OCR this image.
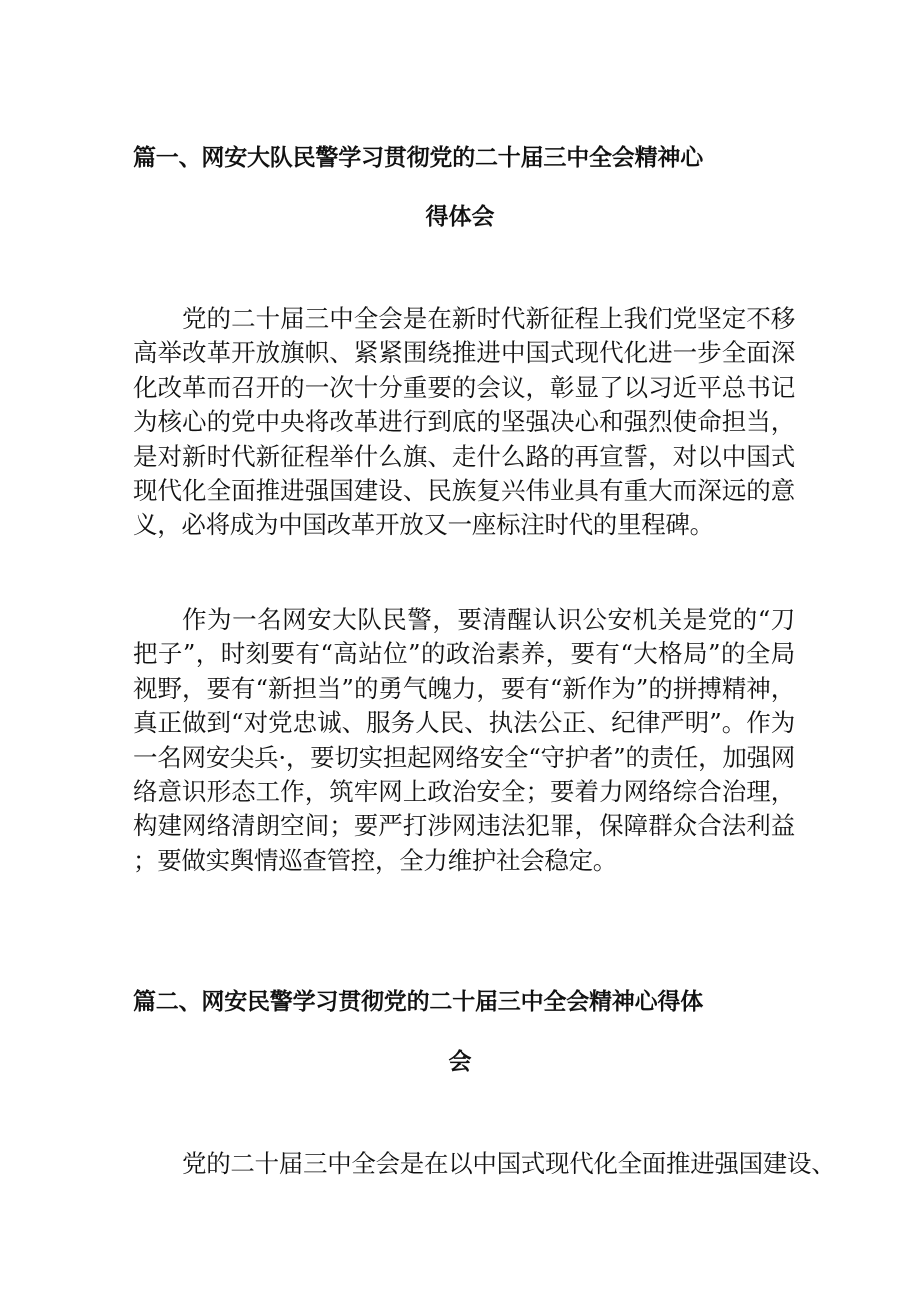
篇一、网安大队民警学习贯彻党的二十届三中全会精神心
得体会
党的二十届三中全会是在新时代新征程上我们党坚定不移高举改革开放旗帜、紧紧围绕推进中国式现代化进一步全面深化改革而召开的一次十分重要的会议，彰显了以习近平总书记为核心的党中央将改革进行到底的坚强决心和强烈使命担当，是对新时代新征程举什么旗、走什么路的再宣誓，对以中国式现代化全面推进强国建设、民族复兴伟业具有重大而深远的意义，必将成为中国改革开放又一座标注时代的里程碑。
作为一名网安大队民警，要清醒认识公安机关是党的“刀把子”，时刻要有“高站位”的政治素养，要有“大格局”的全局视野，要有“新担当”的勇气魄力，要有“新作为”的拼搏精神，真正做到“对党忠诚、服务人民、执法公正、纪律严明”。作为一名网安尖兵·，要切实担起网络安全“守护者”的责任，加强网络意识形态工作，筑牢网上政治安全；要着力网络综合治理，构建网络清朗空间；要严打涉网违法犯罪，保障群众合法利益；要做实舆情巡查管控，全力维护社会稳定。
篇二、网安民警学习贯彻党的二十届三中全会精神心得体
会
党的二十届三中全会是在以中国式现代化全面推进强国建设、
